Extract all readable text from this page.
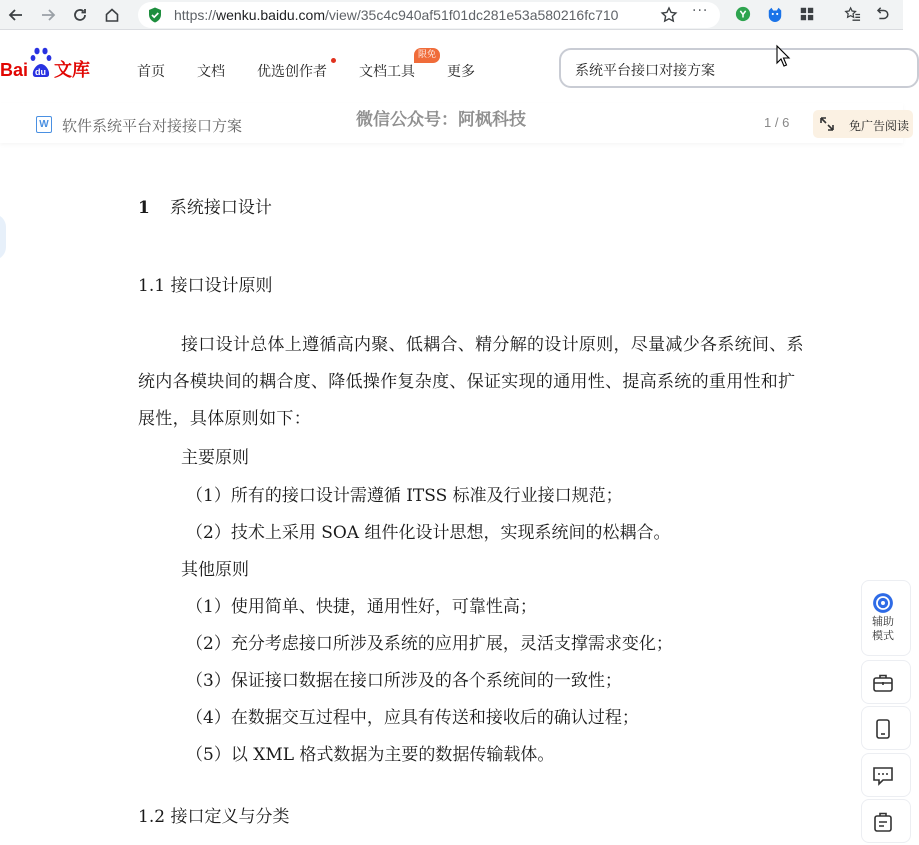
https://wenku.baidu.com/view/35c4c940af51f01dc281e53a580216fc710	···
Bai du 文库	首页 文档 优选创作者 文档工具
限免
更多	系统平台接口对接方案
W 软件系统平台对接接口方案	微信公众号：阿枫科技	1 / 6	免广告阅读
1 系统接口设计
1.1 接口设计原则
接口设计总体上遵循高内聚、低耦合、精分解的设计原则，尽量减少各系统间、系统内各模块间的耦合度、降低操作复杂度、保证实现的通用性、提高系统的重用性和扩展性，具体原则如下：
主要原则
（1）所有的接口设计需遵循 ITSS 标准及行业接口规范；
（2）技术上采用 SOA 组件化设计思想，实现系统间的松耦合。
其他原则
（1）使用简单、快捷，通用性好，可靠性高；
（2）充分考虑接口所涉及系统的应用扩展，灵活支撑需求变化；
（3）保证接口数据在接口所涉及的各个系统间的一致性；
（4）在数据交互过程中，应具有传送和接收后的确认过程；
（5）以 XML 格式数据为主要的数据传输载体。
1.2 接口定义与分类
辅助模式
